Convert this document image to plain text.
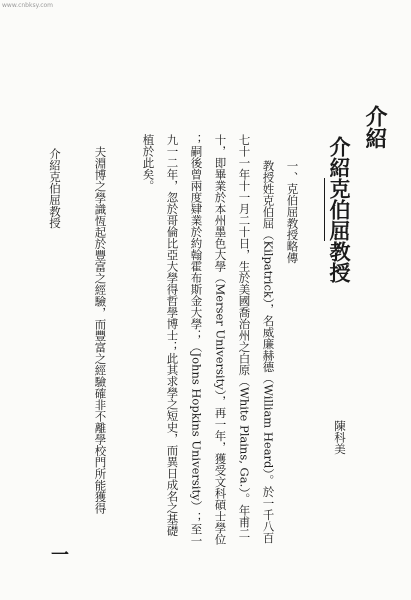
www.cnbksy.com
介紹
介紹克伯屈教授
陳科美
一、克伯屈教授略傳
教授姓克伯屈（Kilpatrick），名威廉赫德（William Heard）。於一千八百
七十一年十一月二十日，生於美國喬治州之白原（White Plains, Ga.）。年甫二
十，即畢業於本州墨色大學（Merser University），再一年，獲受文科碩士學位
；嗣後曾兩度肄業於約翰霍布斯金大學；（Johns Hopkins University）；至一
九一二年，忽於哥倫比亞大學得哲學博士；此其求學之短史，而異日成名之基礎
植於此矣。
夫淵博之學識恆起於豐富之經驗，而豐富之經驗確非不離學校門所能獲得
介紹克伯屈教授
一
